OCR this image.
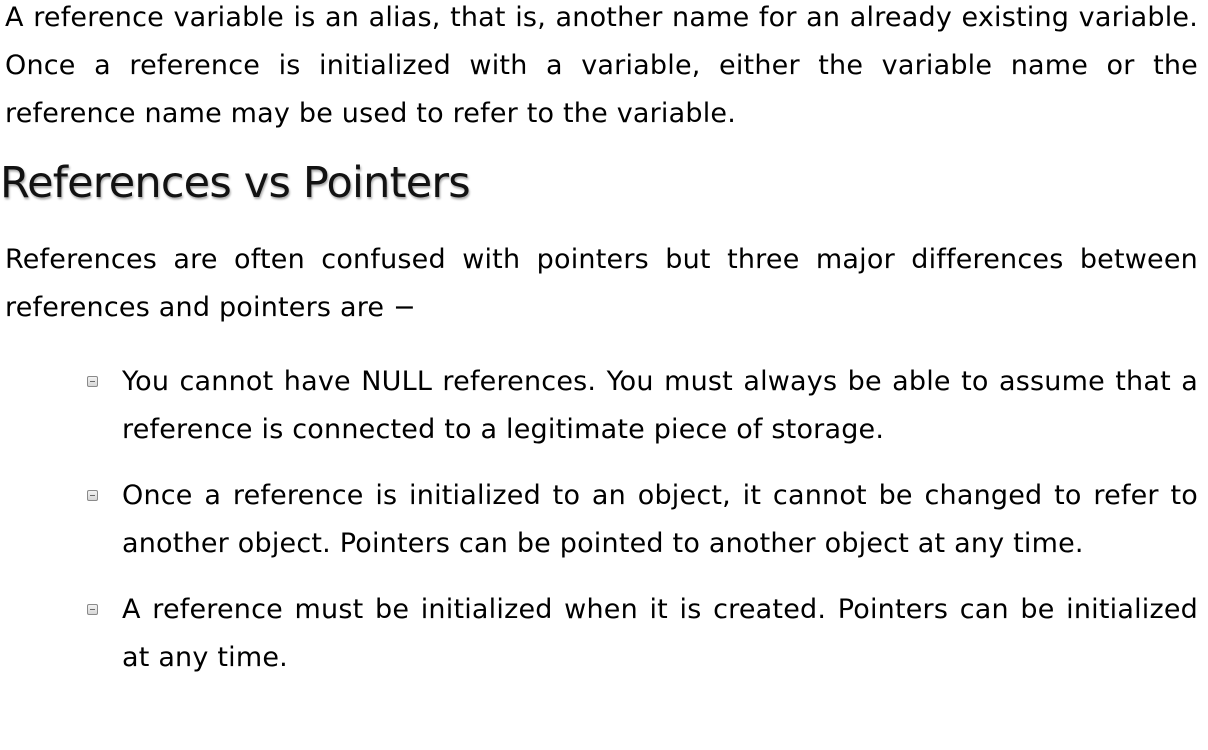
A reference variable is an alias, that is, another name for an already existing variable. Once a reference is initialized with a variable, either the variable name or the reference name may be used to refer to the variable.

References vs Pointers

References are often confused with pointers but three major differences between references and pointers are −

You cannot have NULL references. You must always be able to assume that a reference is connected to a legitimate piece of storage.
Once a reference is initialized to an object, it cannot be changed to refer to another object. Pointers can be pointed to another object at any time.
A reference must be initialized when it is created. Pointers can be initialized at any time.
